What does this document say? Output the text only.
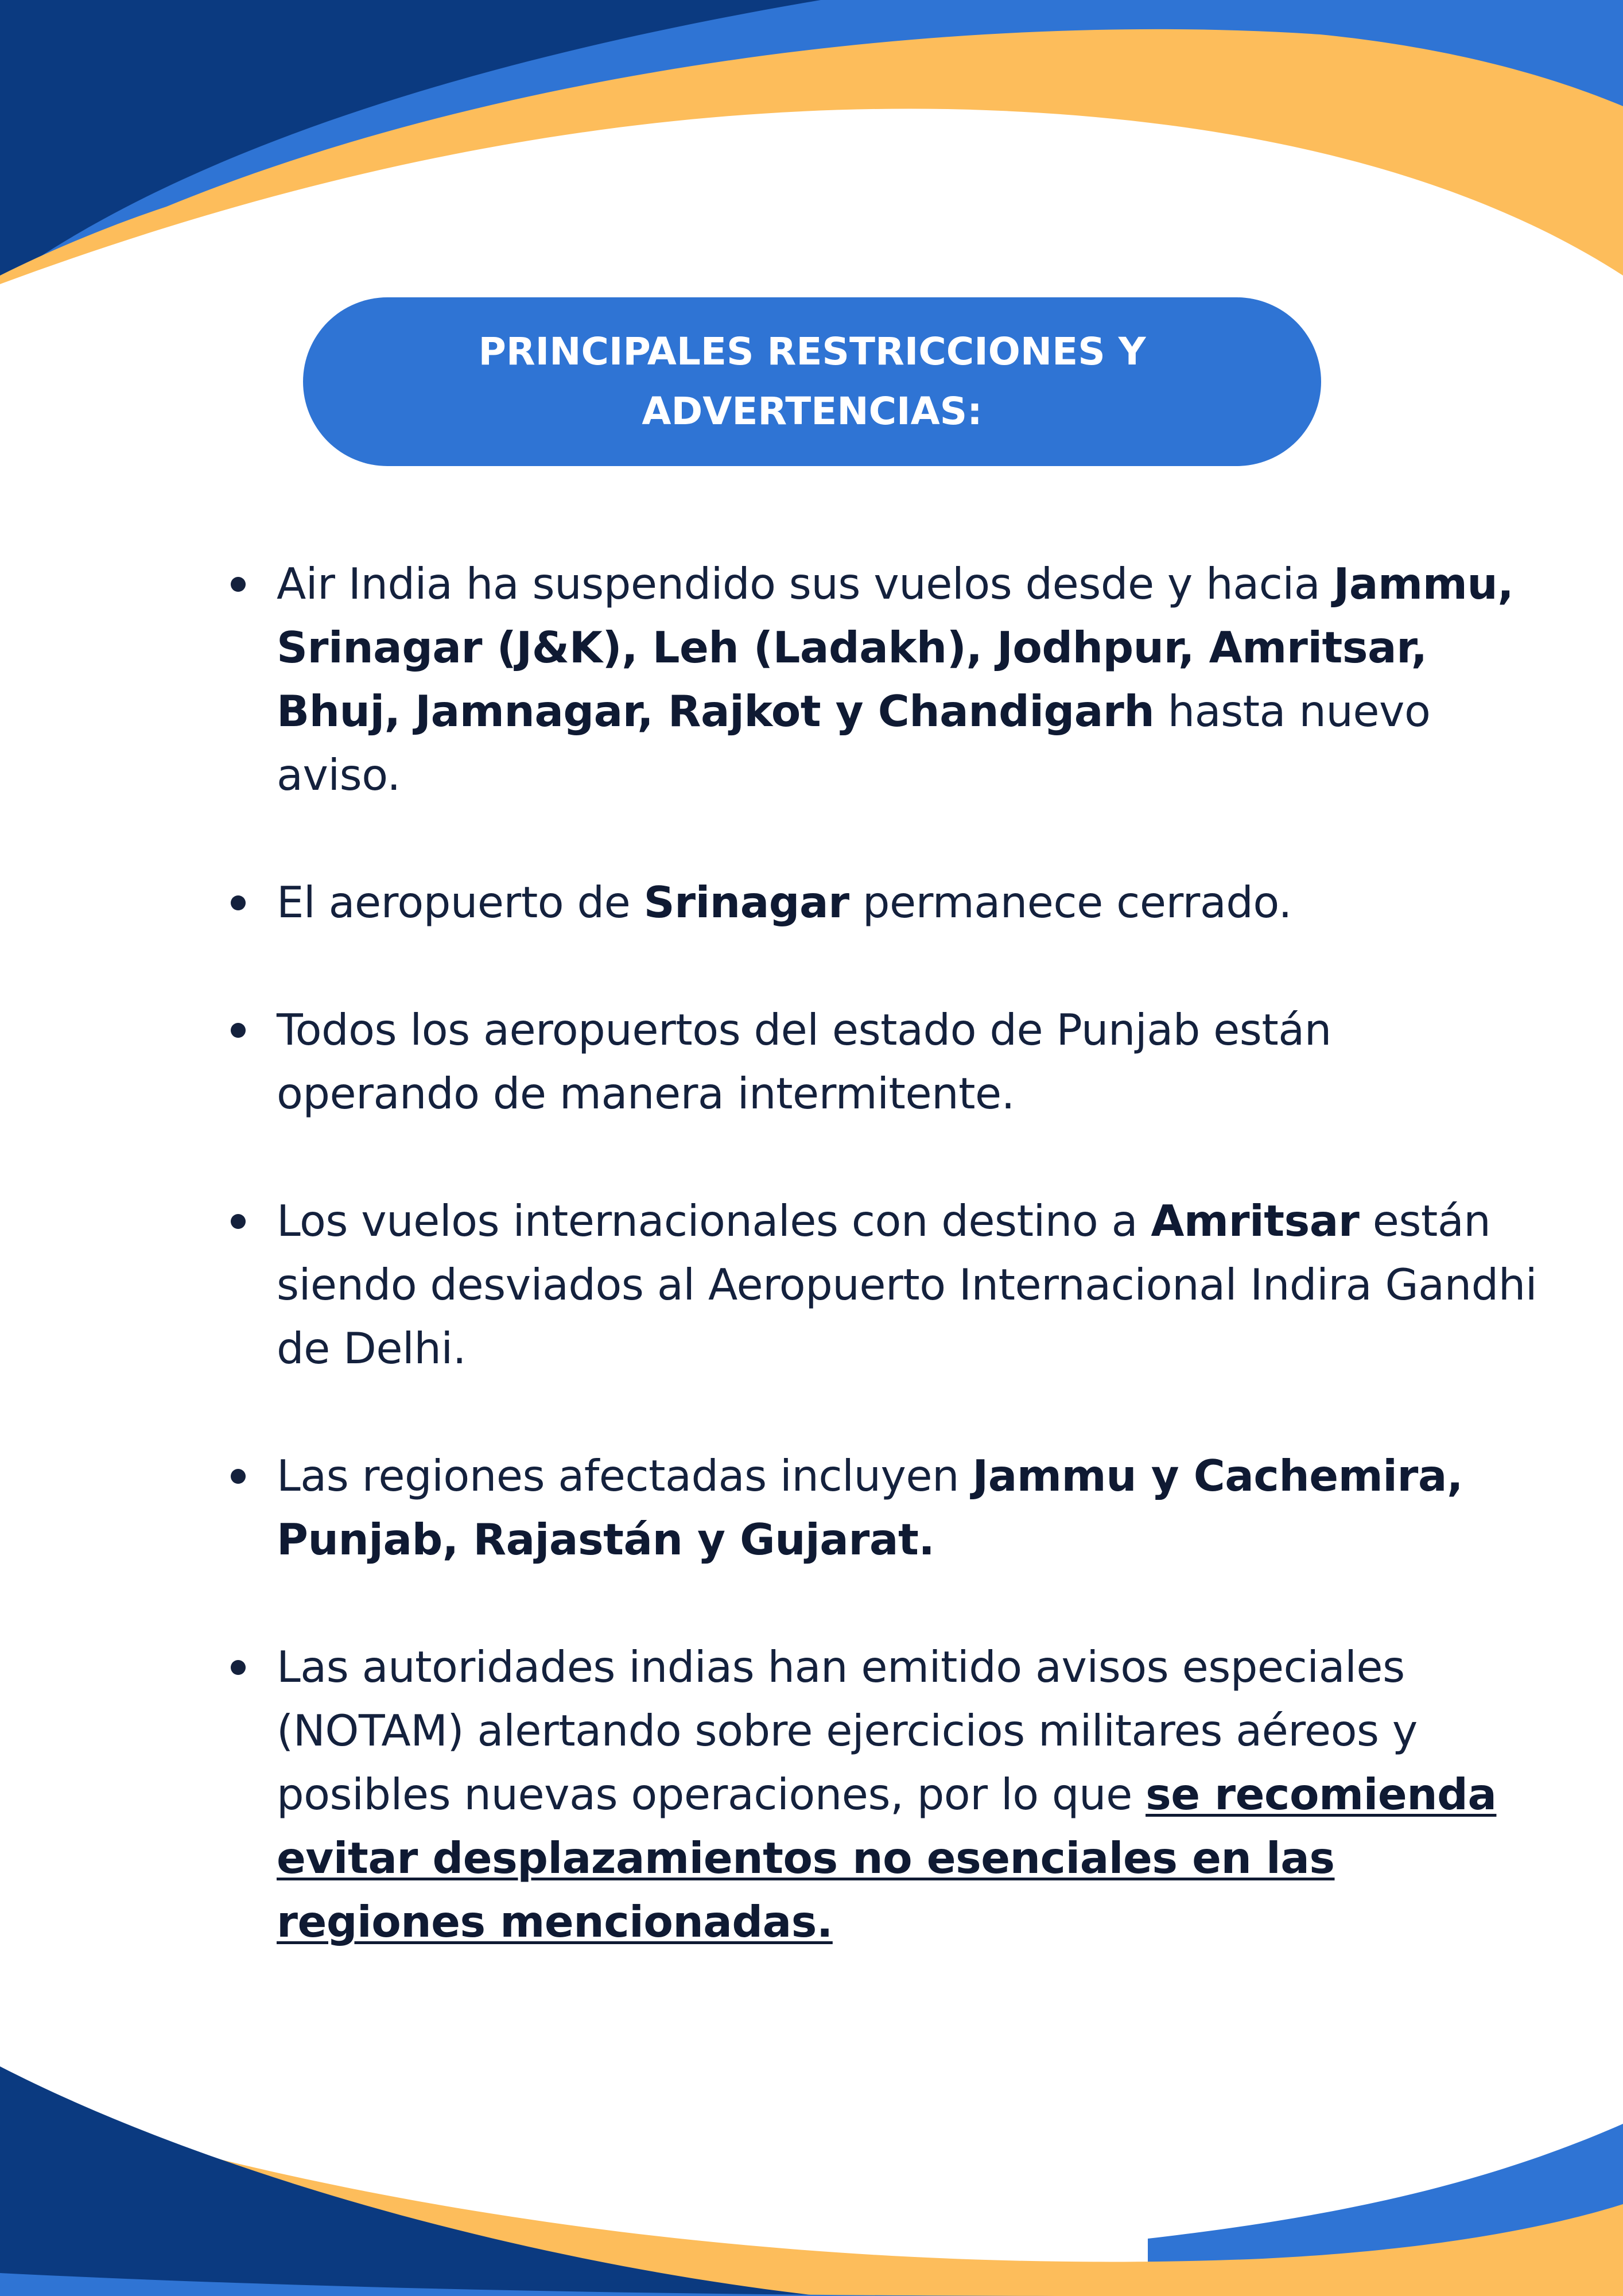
PRINCIPALES RESTRICCIONES Y ADVERTENCIAS:
Air India ha suspendido sus vuelos desde y hacia Jammu, Srinagar (J&K), Leh (Ladakh), Jodhpur, Amritsar, Bhuj, Jamnagar, Rajkot y Chandigarh hasta nuevo aviso.
El aeropuerto de Srinagar permanece cerrado.
Todos los aeropuertos del estado de Punjab están operando de manera intermitente.
Los vuelos internacionales con destino a Amritsar están siendo desviados al Aeropuerto Internacional Indira Gandhi de Delhi.
Las regiones afectadas incluyen Jammu y Cachemira, Punjab, Rajastán y Gujarat.
Las autoridades indias han emitido avisos especiales (NOTAM) alertando sobre ejercicios militares aéreos y posibles nuevas operaciones, por lo que se recomienda evitar desplazamientos no esenciales en las regiones mencionadas.
